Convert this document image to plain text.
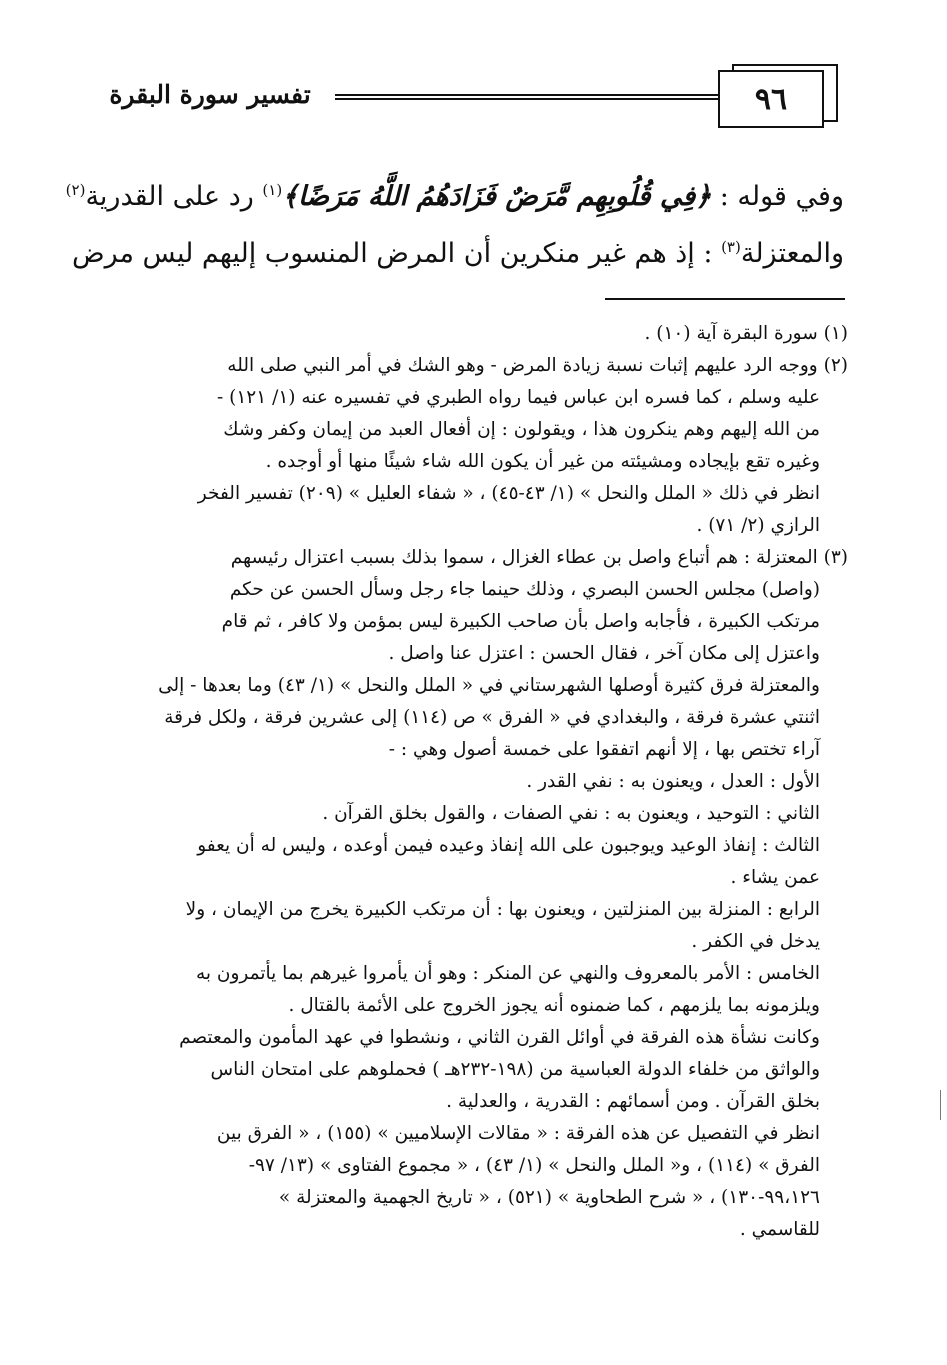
٩٦
تفسير سورة البقرة
وفي قوله : ﴿فِي قُلُوبِهِم مَّرَضٌ فَزَادَهُمُ اللَّهُ مَرَضًا﴾$^{(١)}$ رد على القدرية$^{(٢)}$
والمعتزلة$^{(٣)}$ : إذ هم غير منكرين أن المرض المنسوب إليهم ليس مرض
(١) سورة البقرة آية (١٠) .
(٢) ووجه الرد عليهم إثبات نسبة زيادة المرض - وهو الشك في أمر النبي صلى الله
عليه وسلم ، كما فسره ابن عباس فيما رواه الطبري في تفسيره عنه (١/ ١٢١) -
من الله إليهم وهم ينكرون هذا ، ويقولون : إن أفعال العبد من إيمان وكفر وشك
وغيره تقع بإيجاده ومشيئته من غير أن يكون الله شاء شيئًا منها أو أوجده .
انظر في ذلك « الملل والنحل » (١/ ٤٣-٤٥) ، « شفاء العليل » (٢٠٩) تفسير الفخر
الرازي (٢/ ٧١) .
(٣) المعتزلة : هم أتباع واصل بن عطاء الغزال ، سموا بذلك بسبب اعتزال رئيسهم
(واصل) مجلس الحسن البصري ، وذلك حينما جاء رجل وسأل الحسن عن حكم
مرتكب الكبيرة ، فأجابه واصل بأن صاحب الكبيرة ليس بمؤمن ولا كافر ، ثم قام
واعتزل إلى مكان آخر ، فقال الحسن : اعتزل عنا واصل .
والمعتزلة فرق كثيرة أوصلها الشهرستاني في « الملل والنحل » (١/ ٤٣) وما بعدها - إلى
اثنتي عشرة فرقة ، والبغدادي في « الفرق » ص (١١٤) إلى عشرين فرقة ، ولكل فرقة
آراء تختص بها ، إلا أنهم اتفقوا على خمسة أصول وهي : -
الأول : العدل ، ويعنون به : نفي القدر .
الثاني : التوحيد ، ويعنون به : نفي الصفات ، والقول بخلق القرآن .
الثالث : إنفاذ الوعيد ويوجبون على الله إنفاذ وعيده فيمن أوعده ، وليس له أن يعفو
عمن يشاء .
الرابع : المنزلة بين المنزلتين ، ويعنون بها : أن مرتكب الكبيرة يخرج من الإيمان ، ولا
يدخل في الكفر .
الخامس : الأمر بالمعروف والنهي عن المنكر : وهو أن يأمروا غيرهم بما يأتمرون به
ويلزمونه بما يلزمهم ، كما ضمنوه أنه يجوز الخروج على الأئمة بالقتال .
وكانت نشأة هذه الفرقة في أوائل القرن الثاني ، ونشطوا في عهد المأمون والمعتصم
والواثق من خلفاء الدولة العباسية من (١٩٨-٢٣٢هـ ) فحملوهم على امتحان الناس
بخلق القرآن . ومن أسمائهم : القدرية ، والعدلية .
انظر في التفصيل عن هذه الفرقة : « مقالات الإسلاميين » (١٥٥) ، « الفرق بين
الفرق » (١١٤) ، و« الملل والنحل » (١/ ٤٣) ، « مجموع الفتاوى » (١٣/ ٩٧-
٩٩،١٢٦-١٣٠) ، « شرح الطحاوية » (٥٢١) ، « تاريخ الجهمية والمعتزلة »
للقاسمي .
